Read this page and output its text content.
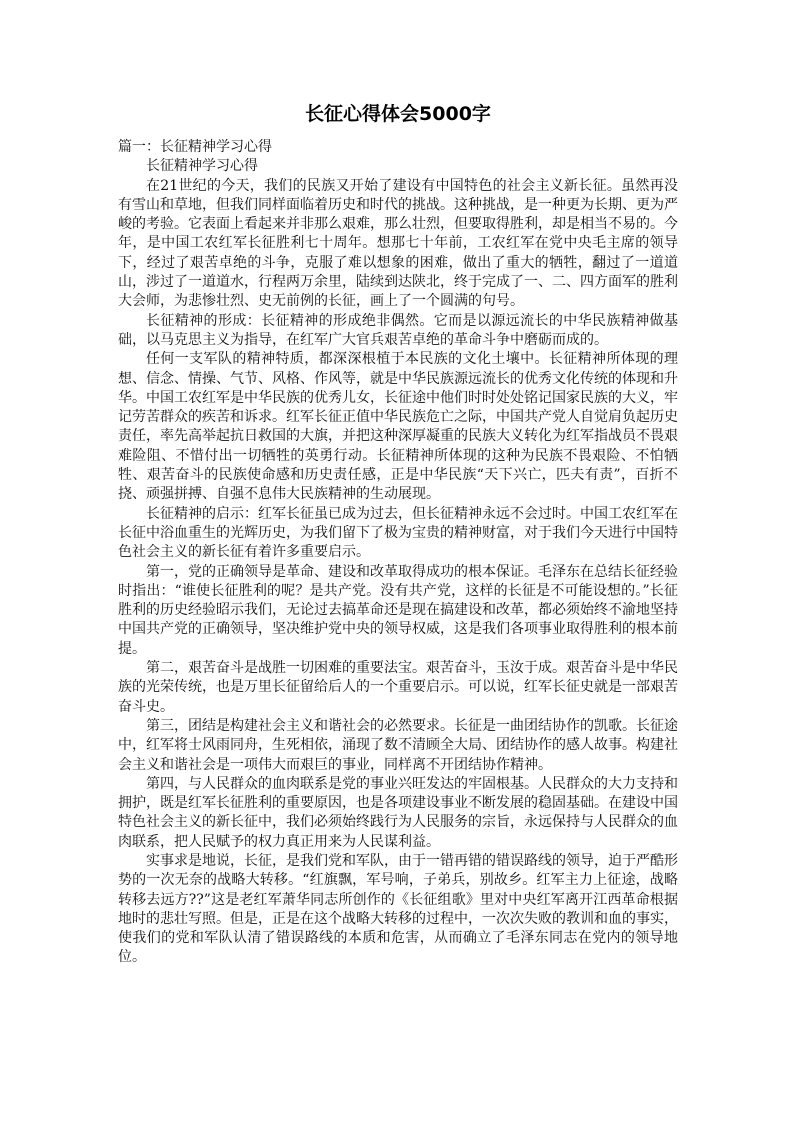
长征心得体会5000字

篇一：长征精神学习心得

长征精神学习心得

在21世纪的今天，我们的民族又开始了建设有中国特色的社会主义新长征。虽然再没有雪山和草地，但我们同样面临着历史和时代的挑战。这种挑战，是一种更为长期、更为严峻的考验。它表面上看起来并非那么艰难，那么壮烈，但要取得胜利，却是相当不易的。今年，是中国工农红军长征胜利七十周年。想那七十年前，工农红军在党中央毛主席的领导下，经过了艰苦卓绝的斗争，克服了难以想象的困难，做出了重大的牺牲，翻过了一道道山，涉过了一道道水，行程两万余里，陆续到达陕北，终于完成了一、二、四方面军的胜利大会师，为悲惨壮烈、史无前例的长征，画上了一个圆满的句号。

长征精神的形成：长征精神的形成绝非偶然。它而是以源远流长的中华民族精神做基础，以马克思主义为指导，在红军广大官兵艰苦卓绝的革命斗争中磨砺而成的。

任何一支军队的精神特质，都深深根植于本民族的文化土壤中。长征精神所体现的理想、信念、情操、气节、风格、作风等，就是中华民族源远流长的优秀文化传统的体现和升华。中国工农红军是中华民族的优秀儿女，长征途中他们时时处处铭记国家民族的大义，牢记劳苦群众的疾苦和诉求。红军长征正值中华民族危亡之际，中国共产党人自觉肩负起历史责任，率先高举起抗日救国的大旗，并把这种深厚凝重的民族大义转化为红军指战员不畏艰难险阻、不惜付出一切牺牲的英勇行动。长征精神所体现的这种为民族不畏艰险、不怕牺牲、艰苦奋斗的民族使命感和历史责任感，正是中华民族“天下兴亡，匹夫有责”，百折不挠、顽强拼搏、自强不息伟大民族精神的生动展现。

长征精神的启示：红军长征虽已成为过去，但长征精神永远不会过时。中国工农红军在长征中浴血重生的光辉历史，为我们留下了极为宝贵的精神财富，对于我们今天进行中国特色社会主义的新长征有着许多重要启示。

第一，党的正确领导是革命、建设和改革取得成功的根本保证。毛泽东在总结长征经验时指出：“谁使长征胜利的呢？是共产党。没有共产党，这样的长征是不可能设想的。”长征胜利的历史经验昭示我们，无论过去搞革命还是现在搞建设和改革，都必须始终不渝地坚持中国共产党的正确领导，坚决维护党中央的领导权威，这是我们各项事业取得胜利的根本前提。

第二，艰苦奋斗是战胜一切困难的重要法宝。艰苦奋斗，玉汝于成。艰苦奋斗是中华民族的光荣传统，也是万里长征留给后人的一个重要启示。可以说，红军长征史就是一部艰苦奋斗史。

第三，团结是构建社会主义和谐社会的必然要求。长征是一曲团结协作的凯歌。长征途中，红军将士风雨同舟，生死相依，涌现了数不清顾全大局、团结协作的感人故事。构建社会主义和谐社会是一项伟大而艰巨的事业，同样离不开团结协作精神。

第四，与人民群众的血肉联系是党的事业兴旺发达的牢固根基。人民群众的大力支持和拥护，既是红军长征胜利的重要原因，也是各项建设事业不断发展的稳固基础。在建设中国特色社会主义的新长征中，我们必须始终践行为人民服务的宗旨，永远保持与人民群众的血肉联系，把人民赋予的权力真正用来为人民谋利益。

实事求是地说，长征，是我们党和军队，由于一错再错的错误路线的领导，迫于严酷形势的一次无奈的战略大转移。“红旗飘，军号响，子弟兵，别故乡。红军主力上征途，战略转移去远方??”这是老红军萧华同志所创作的《长征组歌》里对中央红军离开江西革命根据地时的悲壮写照。但是，正是在这个战略大转移的过程中，一次次失败的教训和血的事实，使我们的党和军队认清了错误路线的本质和危害，从而确立了毛泽东同志在党内的领导地位。
